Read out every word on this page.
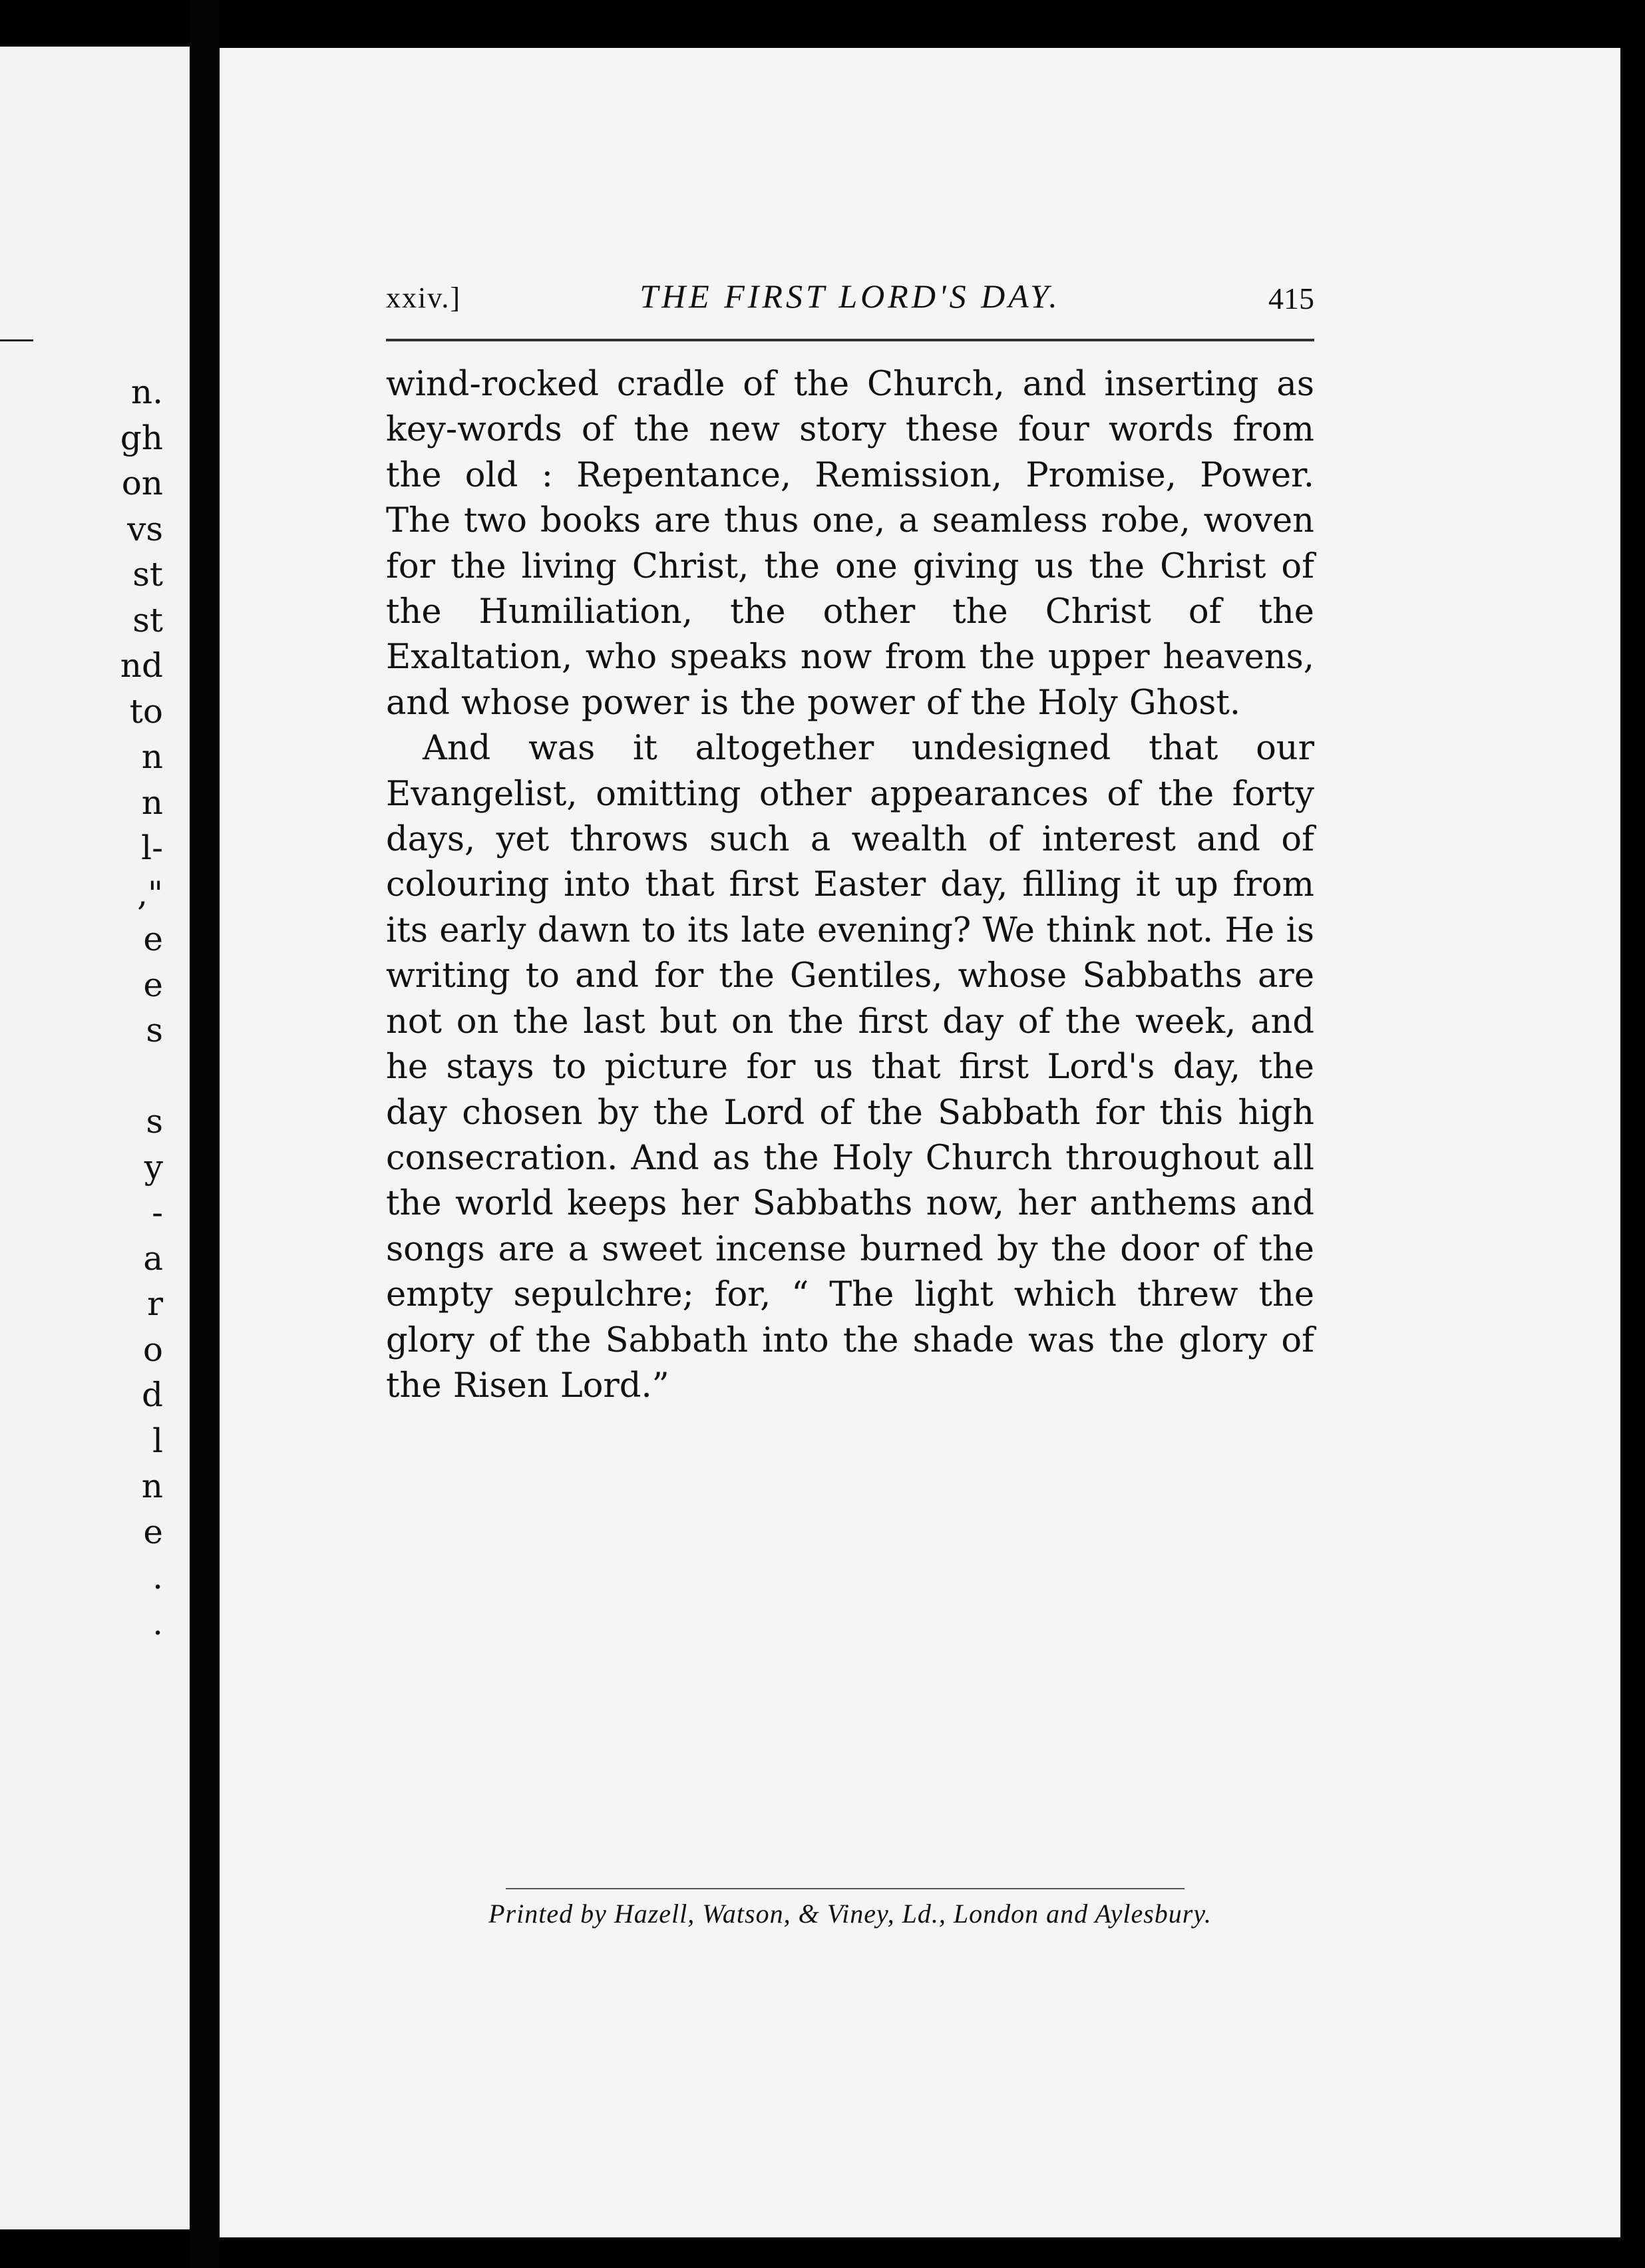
n.
gh
on
vs
st
st
nd
to
n
n
l-
,"
e
e
s

s
y
-
a
r
o
d
l
n
e
.
.
xxiv.]	THE FIRST LORD'S DAY.	415

wind-rocked cradle of the Church, and inserting as key-words of the new story these four words from the old : Repentance, Remission, Promise, Power. The two books are thus one, a seamless robe, woven for the living Christ, the one giving us the Christ of the Humiliation, the other the Christ of the Exaltation, who speaks now from the upper heavens, and whose power is the power of the Holy Ghost.

And was it altogether undesigned that our Evangelist, omitting other appearances of the forty days, yet throws such a wealth of interest and of colouring into that first Easter day, filling it up from its early dawn to its late evening? We think not. He is writing to and for the Gentiles, whose Sabbaths are not on the last but on the first day of the week, and he stays to picture for us that first Lord's day, the day chosen by the Lord of the Sabbath for this high consecration. And as the Holy Church throughout all the world keeps her Sabbaths now, her anthems and songs are a sweet incense burned by the door of the empty sepulchre; for, “ The light which threw the glory of the Sabbath into the shade was the glory of the Risen Lord.”

Printed by Hazell, Watson, & Viney, Ld., London and Aylesbury.
